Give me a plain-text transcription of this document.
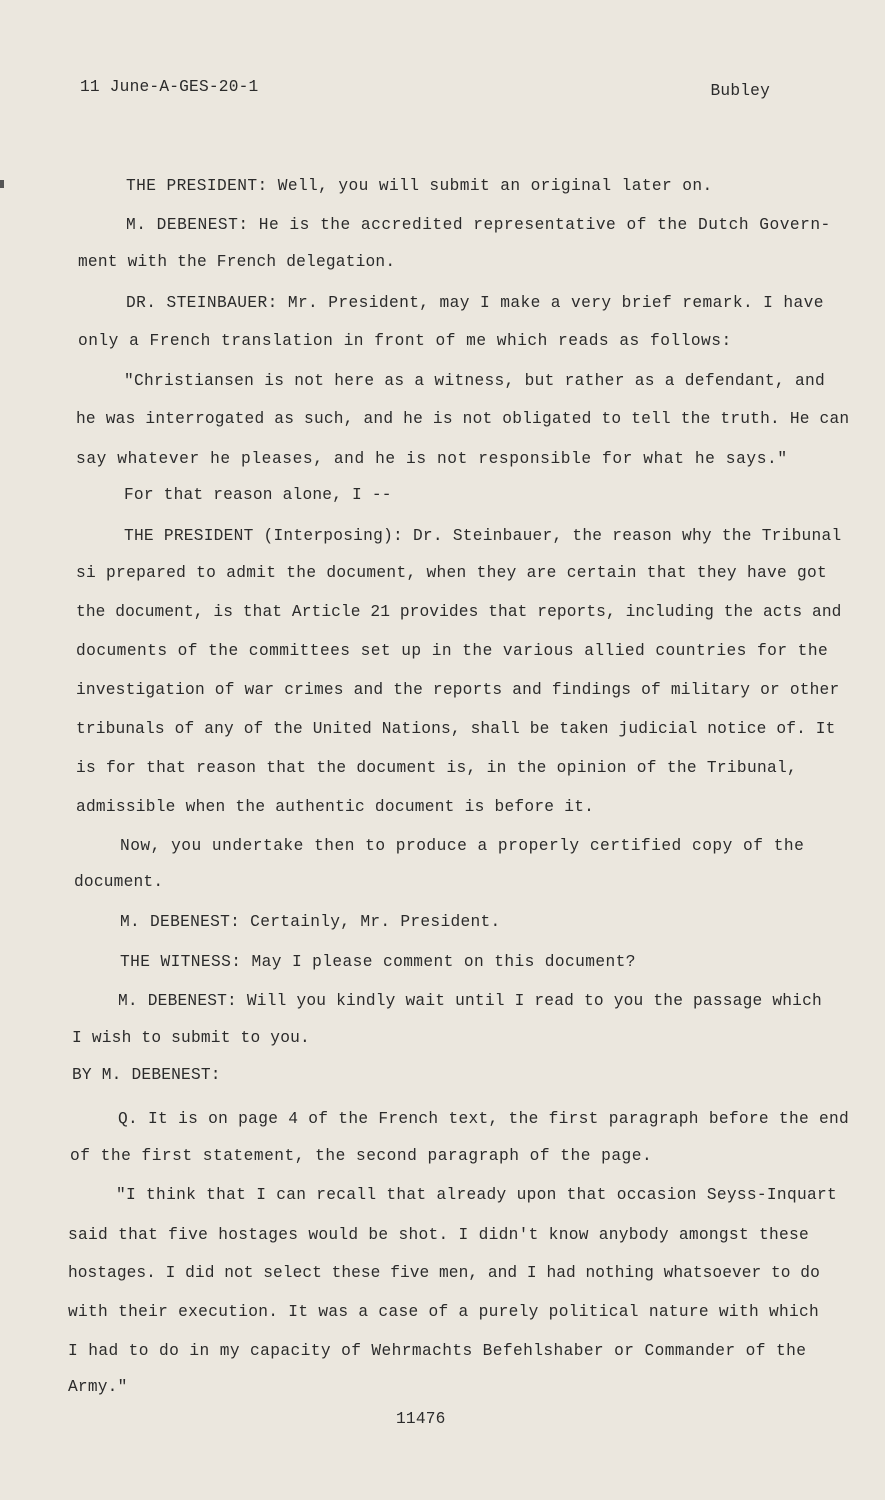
11 June-A-GES-20-1	Bubley
THE PRESIDENT: Well, you will submit an original later on.
M. DEBENEST: He is the accredited representative of the Dutch Govern-
ment with the French delegation.
DR. STEINBAUER: Mr. President, may I make a very brief remark. I have
only a French translation in front of me which reads as follows:
"Christiansen is not here as a witness, but rather as a defendant, and
he was interrogated as such, and he is not obligated to tell the truth. He can
say whatever he pleases, and he is not responsible for what he says."
For that reason alone, I --
THE PRESIDENT (Interposing): Dr. Steinbauer, the reason why the Tribunal
si prepared to admit the document, when they are certain that they have got
the document, is that Article 21 provides that reports, including the acts and
documents of the committees set up in the various allied countries for the
investigation of war crimes and the reports and findings of military or other
tribunals of any of the United Nations, shall be taken judicial notice of. It
is for that reason that the document is, in the opinion of the Tribunal,
admissible when the authentic document is before it.
Now, you undertake then to produce a properly certified copy of the
document.
M. DEBENEST: Certainly, Mr. President.
THE WITNESS: May I please comment on this document?
M. DEBENEST: Will you kindly wait until I read to you the passage which
I wish to submit to you.
BY M. DEBENEST:
Q. It is on page 4 of the French text, the first paragraph before the end
of the first statement, the second paragraph of the page.
"I think that I can recall that already upon that occasion Seyss-Inquart
said that five hostages would be shot. I didn't know anybody amongst these
hostages. I did not select these five men, and I had nothing whatsoever to do
with their execution. It was a case of a purely political nature with which
I had to do in my capacity of Wehrmachts Befehlshaber or Commander of the
Army."
11476
